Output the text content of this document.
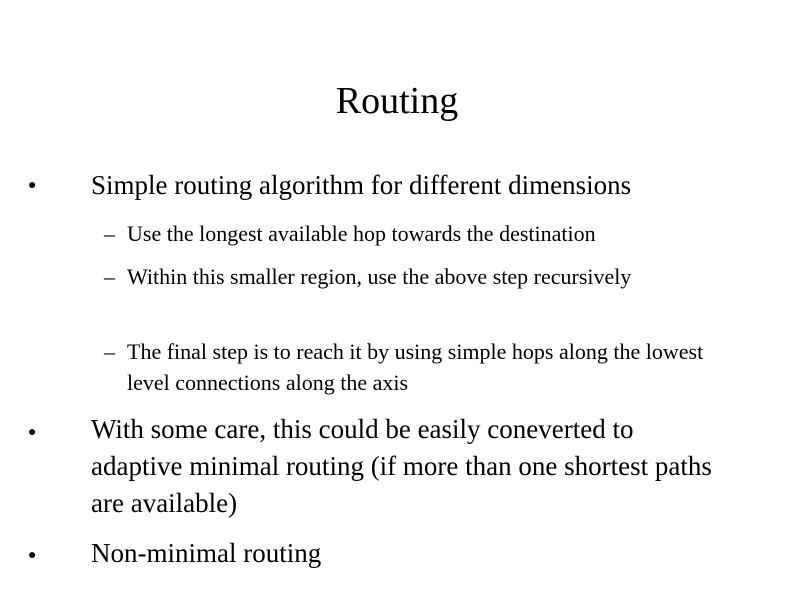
Routing
● Simple routing algorithm for different dimensions
– Use the longest available hop towards the destination
– Within this smaller region, use the above step recursively
– The final step is to reach it by using simple hops along the lowest level connections along the axis
● With some care, this could be easily coneverted to adaptive minimal routing (if more than one shortest paths are available)
● Non-minimal routing
